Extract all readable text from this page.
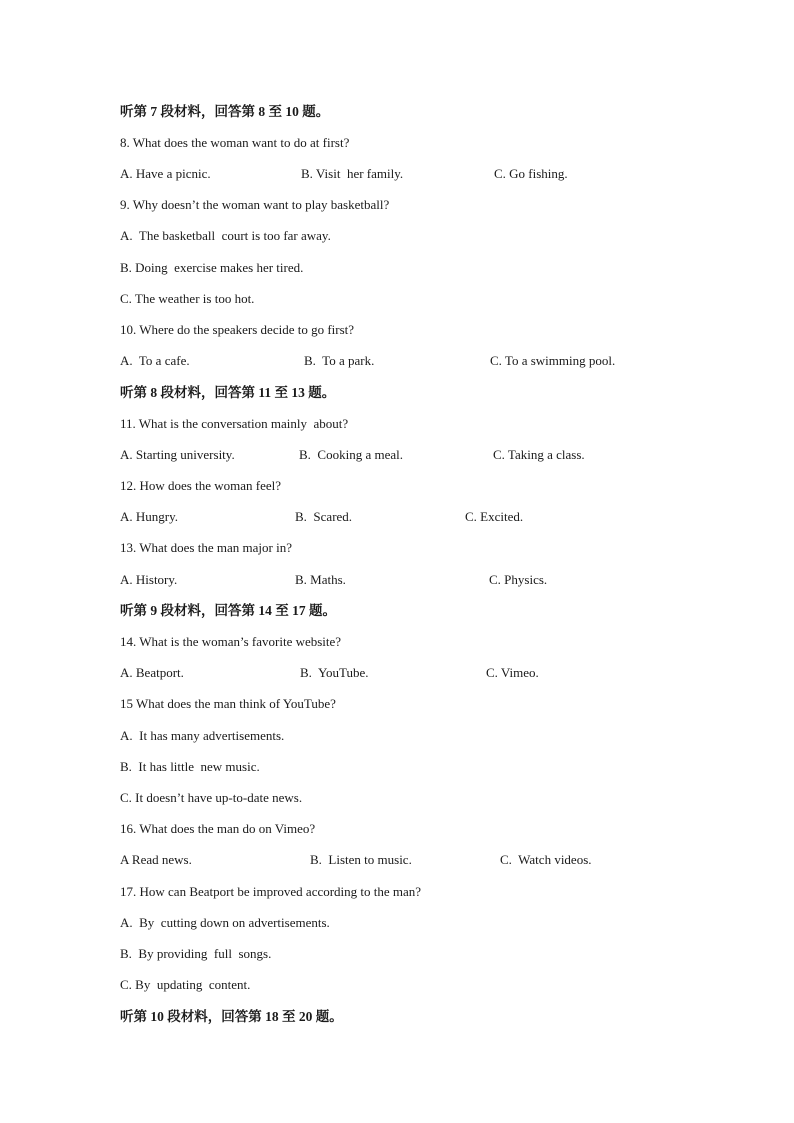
听第 7 段材料，回答第 8 至 10 题。
8. What does the woman want to do at first?
A. Have a picnic.	B. Visit  her family.	C. Go fishing.
9. Why doesn’t the woman want to play basketball?
A.  The basketball  court is too far away.
B. Doing  exercise makes her tired.
C. The weather is too hot.
10. Where do the speakers decide to go first?
A.  To a cafe.	B.  To a park.	C. To a swimming pool.
听第 8 段材料，回答第 11 至 13 题。
11. What is the conversation mainly  about?
A. Starting university.	B.  Cooking a meal.	C. Taking a class.
12. How does the woman feel?
A. Hungry.	B.  Scared.	C. Excited.
13. What does the man major in?
A. History.	B. Maths.	C. Physics.
听第 9 段材料，回答第 14 至 17 题。
14. What is the woman’s favorite website?
A. Beatport.	B.  YouTube.	C. Vimeo.
15 What does the man think of YouTube?
A.  It has many advertisements.
B.  It has little  new music.
C. It doesn’t have up-to-date news.
16. What does the man do on Vimeo?
A Read news.	B.  Listen to music.	C.  Watch videos.
17. How can Beatport be improved according to the man?
A.  By  cutting down on advertisements.
B.  By providing  full  songs.
C. By  updating  content.
听第 10 段材料，回答第 18 至 20 题。
